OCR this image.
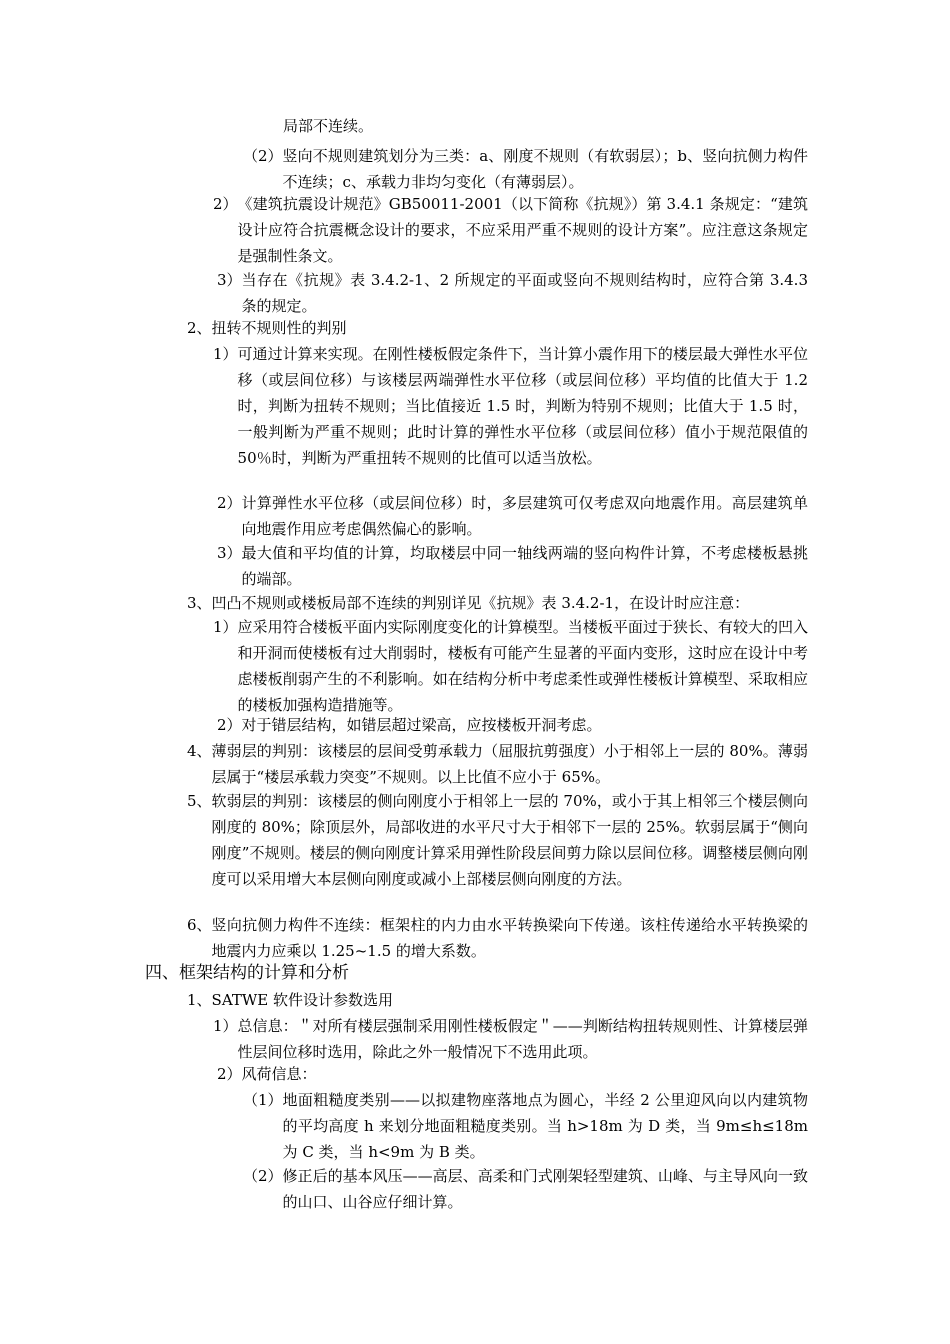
局部不连续。

（2） 竖向不规则建筑划分为三类：a、刚度不规则（有软弱层）；b、竖向抗侧力构件不连续；c、承载力非均匀变化（有薄弱层）。
2） 《建筑抗震设计规范》GB50011-2001（以下简称《抗规》）第 3.4.1 条规定：“建筑设计应符合抗震概念设计的要求，不应采用严重不规则的设计方案”。应注意这条规定是强制性条文。
3） 当存在《抗规》表 3.4.2-1、2 所规定的平面或竖向不规则结构时，应符合第 3.4.3 条的规定。

2、扭转不规则性的判别

1） 可通过计算来实现。在刚性楼板假定条件下，当计算小震作用下的楼层最大弹性水平位移（或层间位移）与该楼层两端弹性水平位移（或层间位移）平均值的比值大于 1.2 时，判断为扭转不规则；当比值接近 1.5 时，判断为特别不规则；比值大于 1.5 时，一般判断为严重不规则；此时计算的弹性水平位移（或层间位移）值小于规范限值的 50％时，判断为严重扭转不规则的比值可以适当放松。
2） 计算弹性水平位移（或层间位移）时，多层建筑可仅考虑双向地震作用。高层建筑单向地震作用应考虑偶然偏心的影响。
3） 最大值和平均值的计算，均取楼层中同一轴线两端的竖向构件计算，不考虑楼板悬挑的端部。

3、凹凸不规则或楼板局部不连续的判别详见《抗规》表 3.4.2-1，在设计时应注意：

1） 应采用符合楼板平面内实际刚度变化的计算模型。当楼板平面过于狭长、有较大的凹入和开洞而使楼板有过大削弱时，楼板有可能产生显著的平面内变形，这时应在设计中考虑楼板削弱产生的不利影响。如在结构分析中考虑柔性或弹性楼板计算模型、采取相应的楼板加强构造措施等。
2） 对于错层结构，如错层超过梁高，应按楼板开洞考虑。
4、 薄弱层的判别：该楼层的层间受剪承载力（屈服抗剪强度）小于相邻上一层的 80%。薄弱层属于“楼层承载力突变”不规则。以上比值不应小于 65%。
5、 软弱层的判别：该楼层的侧向刚度小于相邻上一层的 70%，或小于其上相邻三个楼层侧向刚度的 80%；除顶层外，局部收进的水平尺寸大于相邻下一层的 25%。软弱层属于“侧向刚度”不规则。楼层的侧向刚度计算采用弹性阶段层间剪力除以层间位移。调整楼层侧向刚度可以采用增大本层侧向刚度或减小上部楼层侧向刚度的方法。
6、 竖向抗侧力构件不连续：框架柱的内力由水平转换梁向下传递。该柱传递给水平转换梁的地震内力应乘以 1.25~1.5 的增大系数。

四、框架结构的计算和分析

1、SATWE 软件设计参数选用

1） 总信息：＂对所有楼层强制采用刚性楼板假定＂——判断结构扭转规则性、计算楼层弹性层间位移时选用，除此之外一般情况下不选用此项。

2）风荷信息：

（1） 地面粗糙度类别——以拟建物座落地点为圆心，半经 2 公里迎风向以内建筑物的平均高度 h 来划分地面粗糙度类别。当 h>18m 为 D 类，当 9m≤h≤18m 为 C 类，当 h<9m 为 B 类。
（2） 修正后的基本风压——高层、高柔和门式刚架轻型建筑、山峰、与主导风向一致的山口、山谷应仔细计算。
